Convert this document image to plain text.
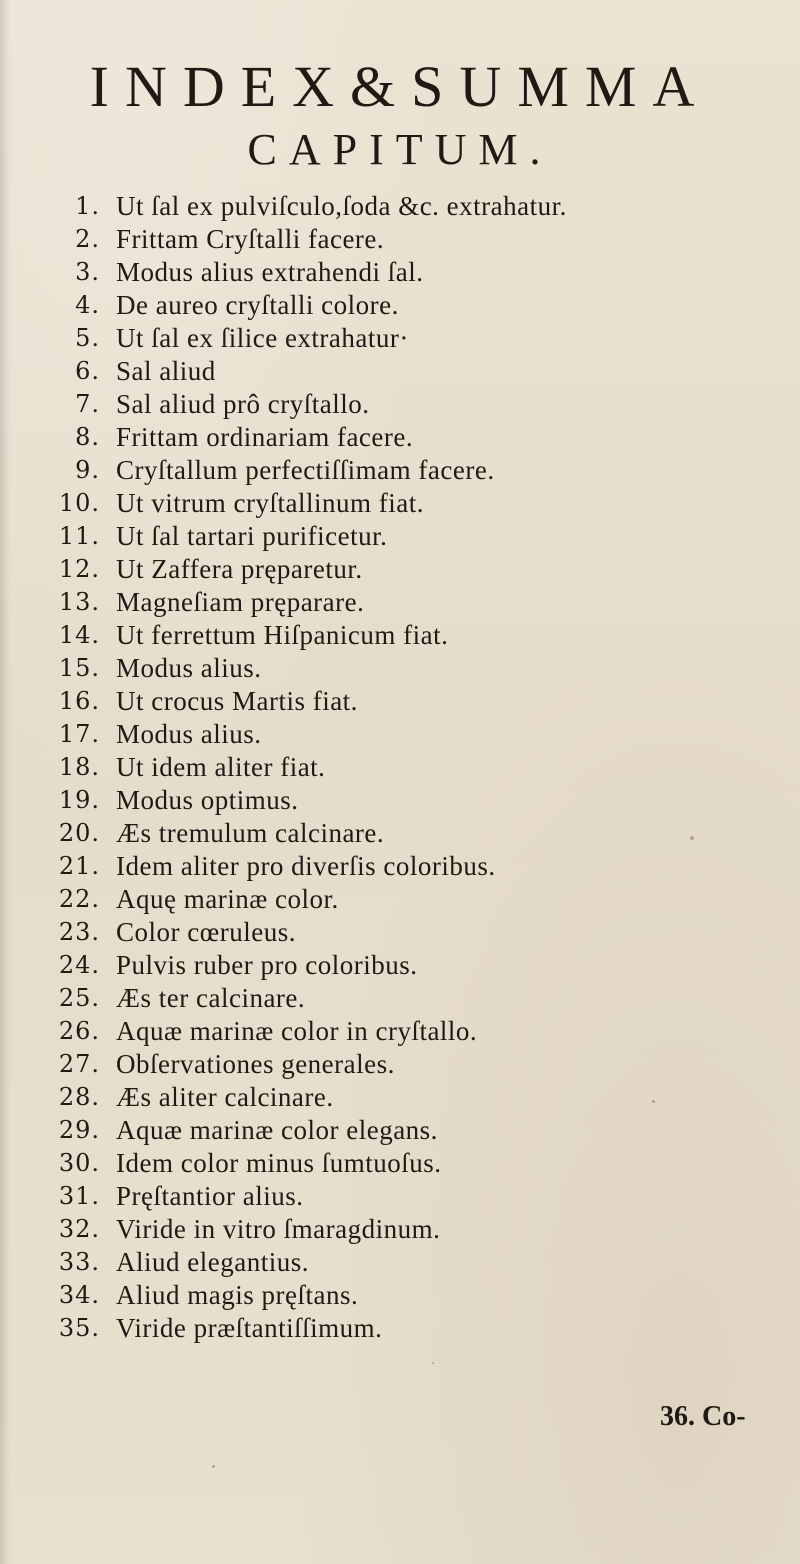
INDEX&SUMMA
CAPITUM.
1. Ut ſal ex pulviſculo,ſoda &c. extrahatur.
2. Frittam Cryſtalli facere.
3. Modus alius extrahendi ſal.
4. De aureo cryſtalli colore.
5. Ut ſal ex ſilice extrahatur·
6. Sal aliud
7. Sal aliud prô cryſtallo.
8. Frittam ordinariam facere.
9. Cryſtallum perfectiſſimam facere.
10. Ut vitrum cryſtallinum fiat.
11. Ut ſal tartari purificetur.
12. Ut Zaffera pręparetur.
13. Magneſiam pręparare.
14. Ut ferrettum Hiſpanicum fiat.
15. Modus alius.
16. Ut crocus Martis fiat.
17. Modus alius.
18. Ut idem aliter fiat.
19. Modus optimus.
20. Æs tremulum calcinare.
21. Idem aliter pro diverſis coloribus.
22. Aquę marinæ color.
23. Color cœruleus.
24. Pulvis ruber pro coloribus.
25. Æs ter calcinare.
26. Aquæ marinæ color in cryſtallo.
27. Obſervationes generales.
28. Æs aliter calcinare.
29. Aquæ marinæ color elegans.
30. Idem color minus ſumtuoſus.
31. Pręſtantior alius.
32. Viride in vitro ſmaragdinum.
33. Aliud elegantius.
34. Aliud magis pręſtans.
35. Viride præſtantiſſimum.
36. Co-
